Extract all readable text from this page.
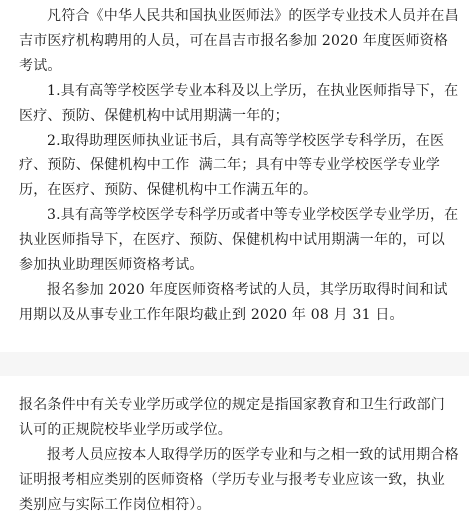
凡符合《中华人民共和国执业医师法》的医学专业技术人员并在昌吉市医疗机构聘用的人员，可在昌吉市报名参加 2020 年度医师资格考试。

1.具有高等学校医学专业本科及以上学历，在执业医师指导下，在医疗、预防、保健机构中试用期满一年的；

2.取得助理医师执业证书后，具有高等学校医学专科学历，在医疗、预防、保健机构中工作  满二年；具有中等专业学校医学专业学历，在医疗、预防、保健机构中工作满五年的。

3.具有高等学校医学专科学历或者中等专业学校医学专业学历，在执业医师指导下，在医疗、预防、保健机构中试用期满一年的，可以参加执业助理医师资格考试。

报名参加 2020 年度医师资格考试的人员，其学历取得时间和试用期以及从事专业工作年限均截止到 2020 年 08 月 31 日。

报名条件中有关专业学历或学位的规定是指国家教育和卫生行政部门认可的正规院校毕业学历或学位。

报考人员应按本人取得学历的医学专业和与之相一致的试用期合格证明报考相应类别的医师资格（学历专业与报考专业应该一致，执业类别应与实际工作岗位相符）。
